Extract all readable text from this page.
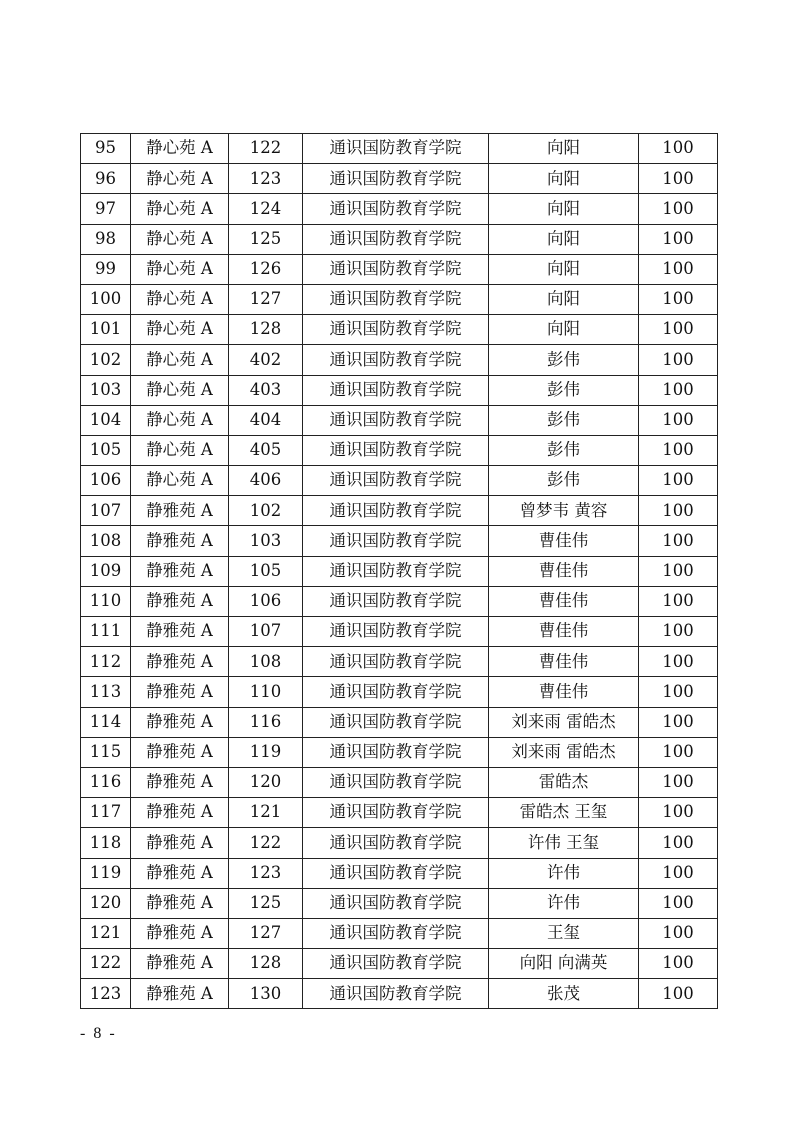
95	静心苑 A	122	通识国防教育学院	向阳	100
96	静心苑 A	123	通识国防教育学院	向阳	100
97	静心苑 A	124	通识国防教育学院	向阳	100
98	静心苑 A	125	通识国防教育学院	向阳	100
99	静心苑 A	126	通识国防教育学院	向阳	100
100	静心苑 A	127	通识国防教育学院	向阳	100
101	静心苑 A	128	通识国防教育学院	向阳	100
102	静心苑 A	402	通识国防教育学院	彭伟	100
103	静心苑 A	403	通识国防教育学院	彭伟	100
104	静心苑 A	404	通识国防教育学院	彭伟	100
105	静心苑 A	405	通识国防教育学院	彭伟	100
106	静心苑 A	406	通识国防教育学院	彭伟	100
107	静雅苑 A	102	通识国防教育学院	曾梦韦 黄容	100
108	静雅苑 A	103	通识国防教育学院	曹佳伟	100
109	静雅苑 A	105	通识国防教育学院	曹佳伟	100
110	静雅苑 A	106	通识国防教育学院	曹佳伟	100
111	静雅苑 A	107	通识国防教育学院	曹佳伟	100
112	静雅苑 A	108	通识国防教育学院	曹佳伟	100
113	静雅苑 A	110	通识国防教育学院	曹佳伟	100
114	静雅苑 A	116	通识国防教育学院	刘来雨 雷皓杰	100
115	静雅苑 A	119	通识国防教育学院	刘来雨 雷皓杰	100
116	静雅苑 A	120	通识国防教育学院	雷皓杰	100
117	静雅苑 A	121	通识国防教育学院	雷皓杰 王玺	100
118	静雅苑 A	122	通识国防教育学院	许伟 王玺	100
119	静雅苑 A	123	通识国防教育学院	许伟	100
120	静雅苑 A	125	通识国防教育学院	许伟	100
121	静雅苑 A	127	通识国防教育学院	王玺	100
122	静雅苑 A	128	通识国防教育学院	向阳 向满英	100
123	静雅苑 A	130	通识国防教育学院	张茂	100
- 8 -
